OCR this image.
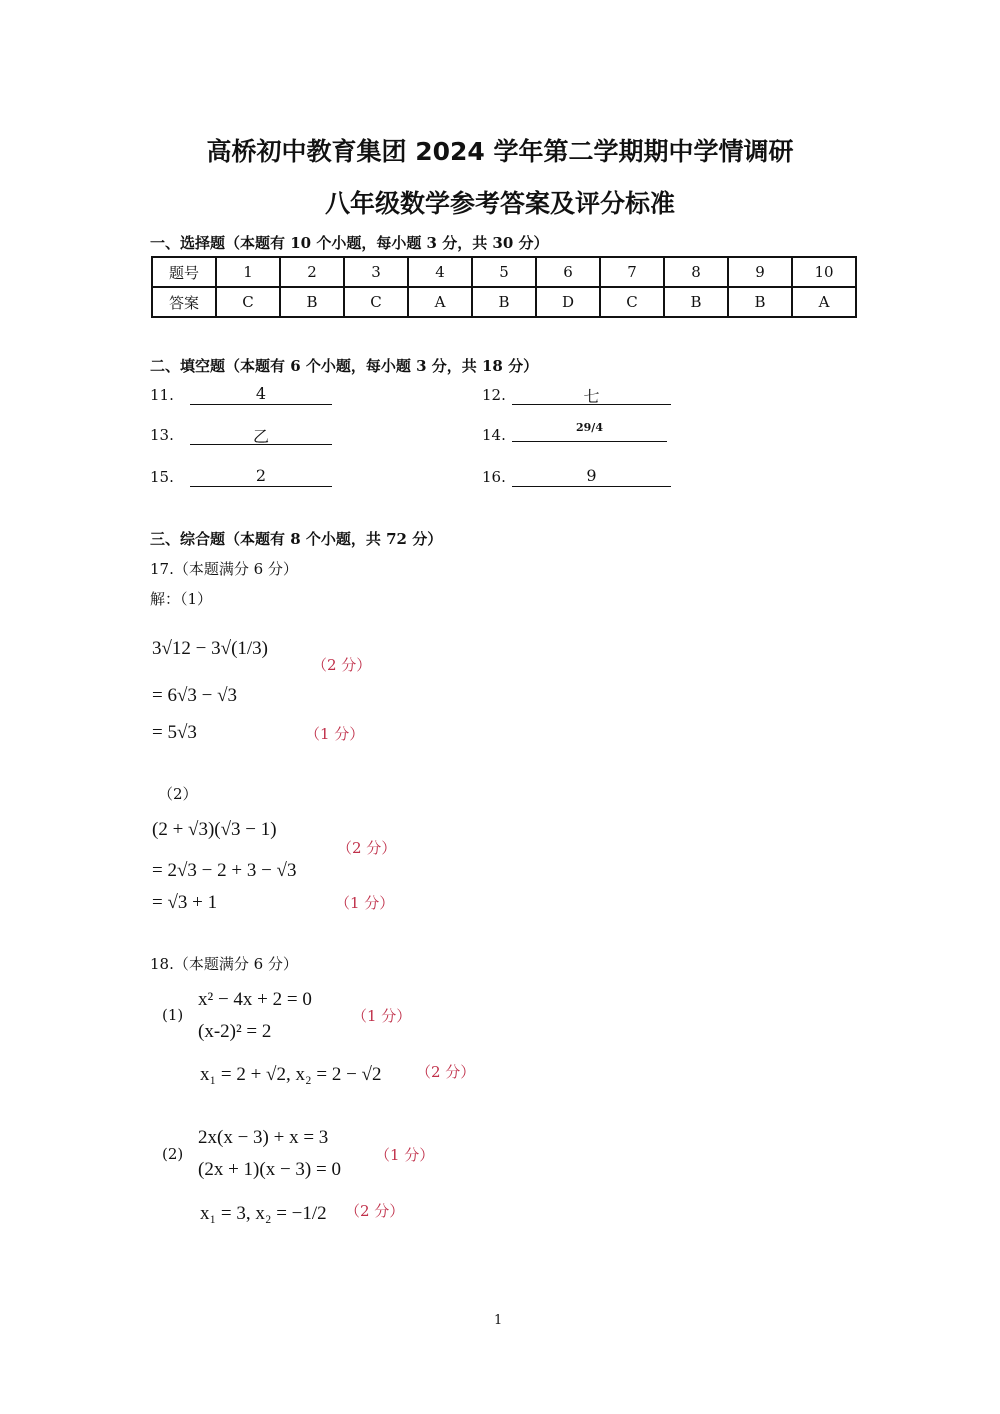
高桥初中教育集团 2024 学年第二学期期中学情调研
八年级数学参考答案及评分标准
一、选择题（本题有 10 个小题，每小题 3 分，共 30 分）
题号	1	2	3	4	5	6	7	8	9	10
答案	C	B	C	A	B	D	C	B	B	A
二、填空题（本题有 6 个小题，每小题 3 分，共 18 分）
11.	4	12.	七
13.	乙	14.	29/4
15.	2	16.	9
三、综合题（本题有 8 个小题，共 72 分）
17.（本题满分 6 分）
解：（1）
3√12 − 3√(1/3)
= 6√3 − √3
= 5√3
（2 分）
（1 分）
（2）
(2 + √3)(√3 − 1)
= 2√3 − 2 + 3 − √3
= √3 + 1
（2 分）
（1 分）
18.（本题满分 6 分）
(1)
x² − 4x + 2 = 0
(x-2)² = 2
x₁ = 2 + √2, x₂ = 2 − √2
（1 分）
（2 分）
(2)
2x(x − 3) + x = 3
(2x + 1)(x − 3) = 0
x₁ = 3, x₂ = −1/2
（1 分）
（2 分）
1
